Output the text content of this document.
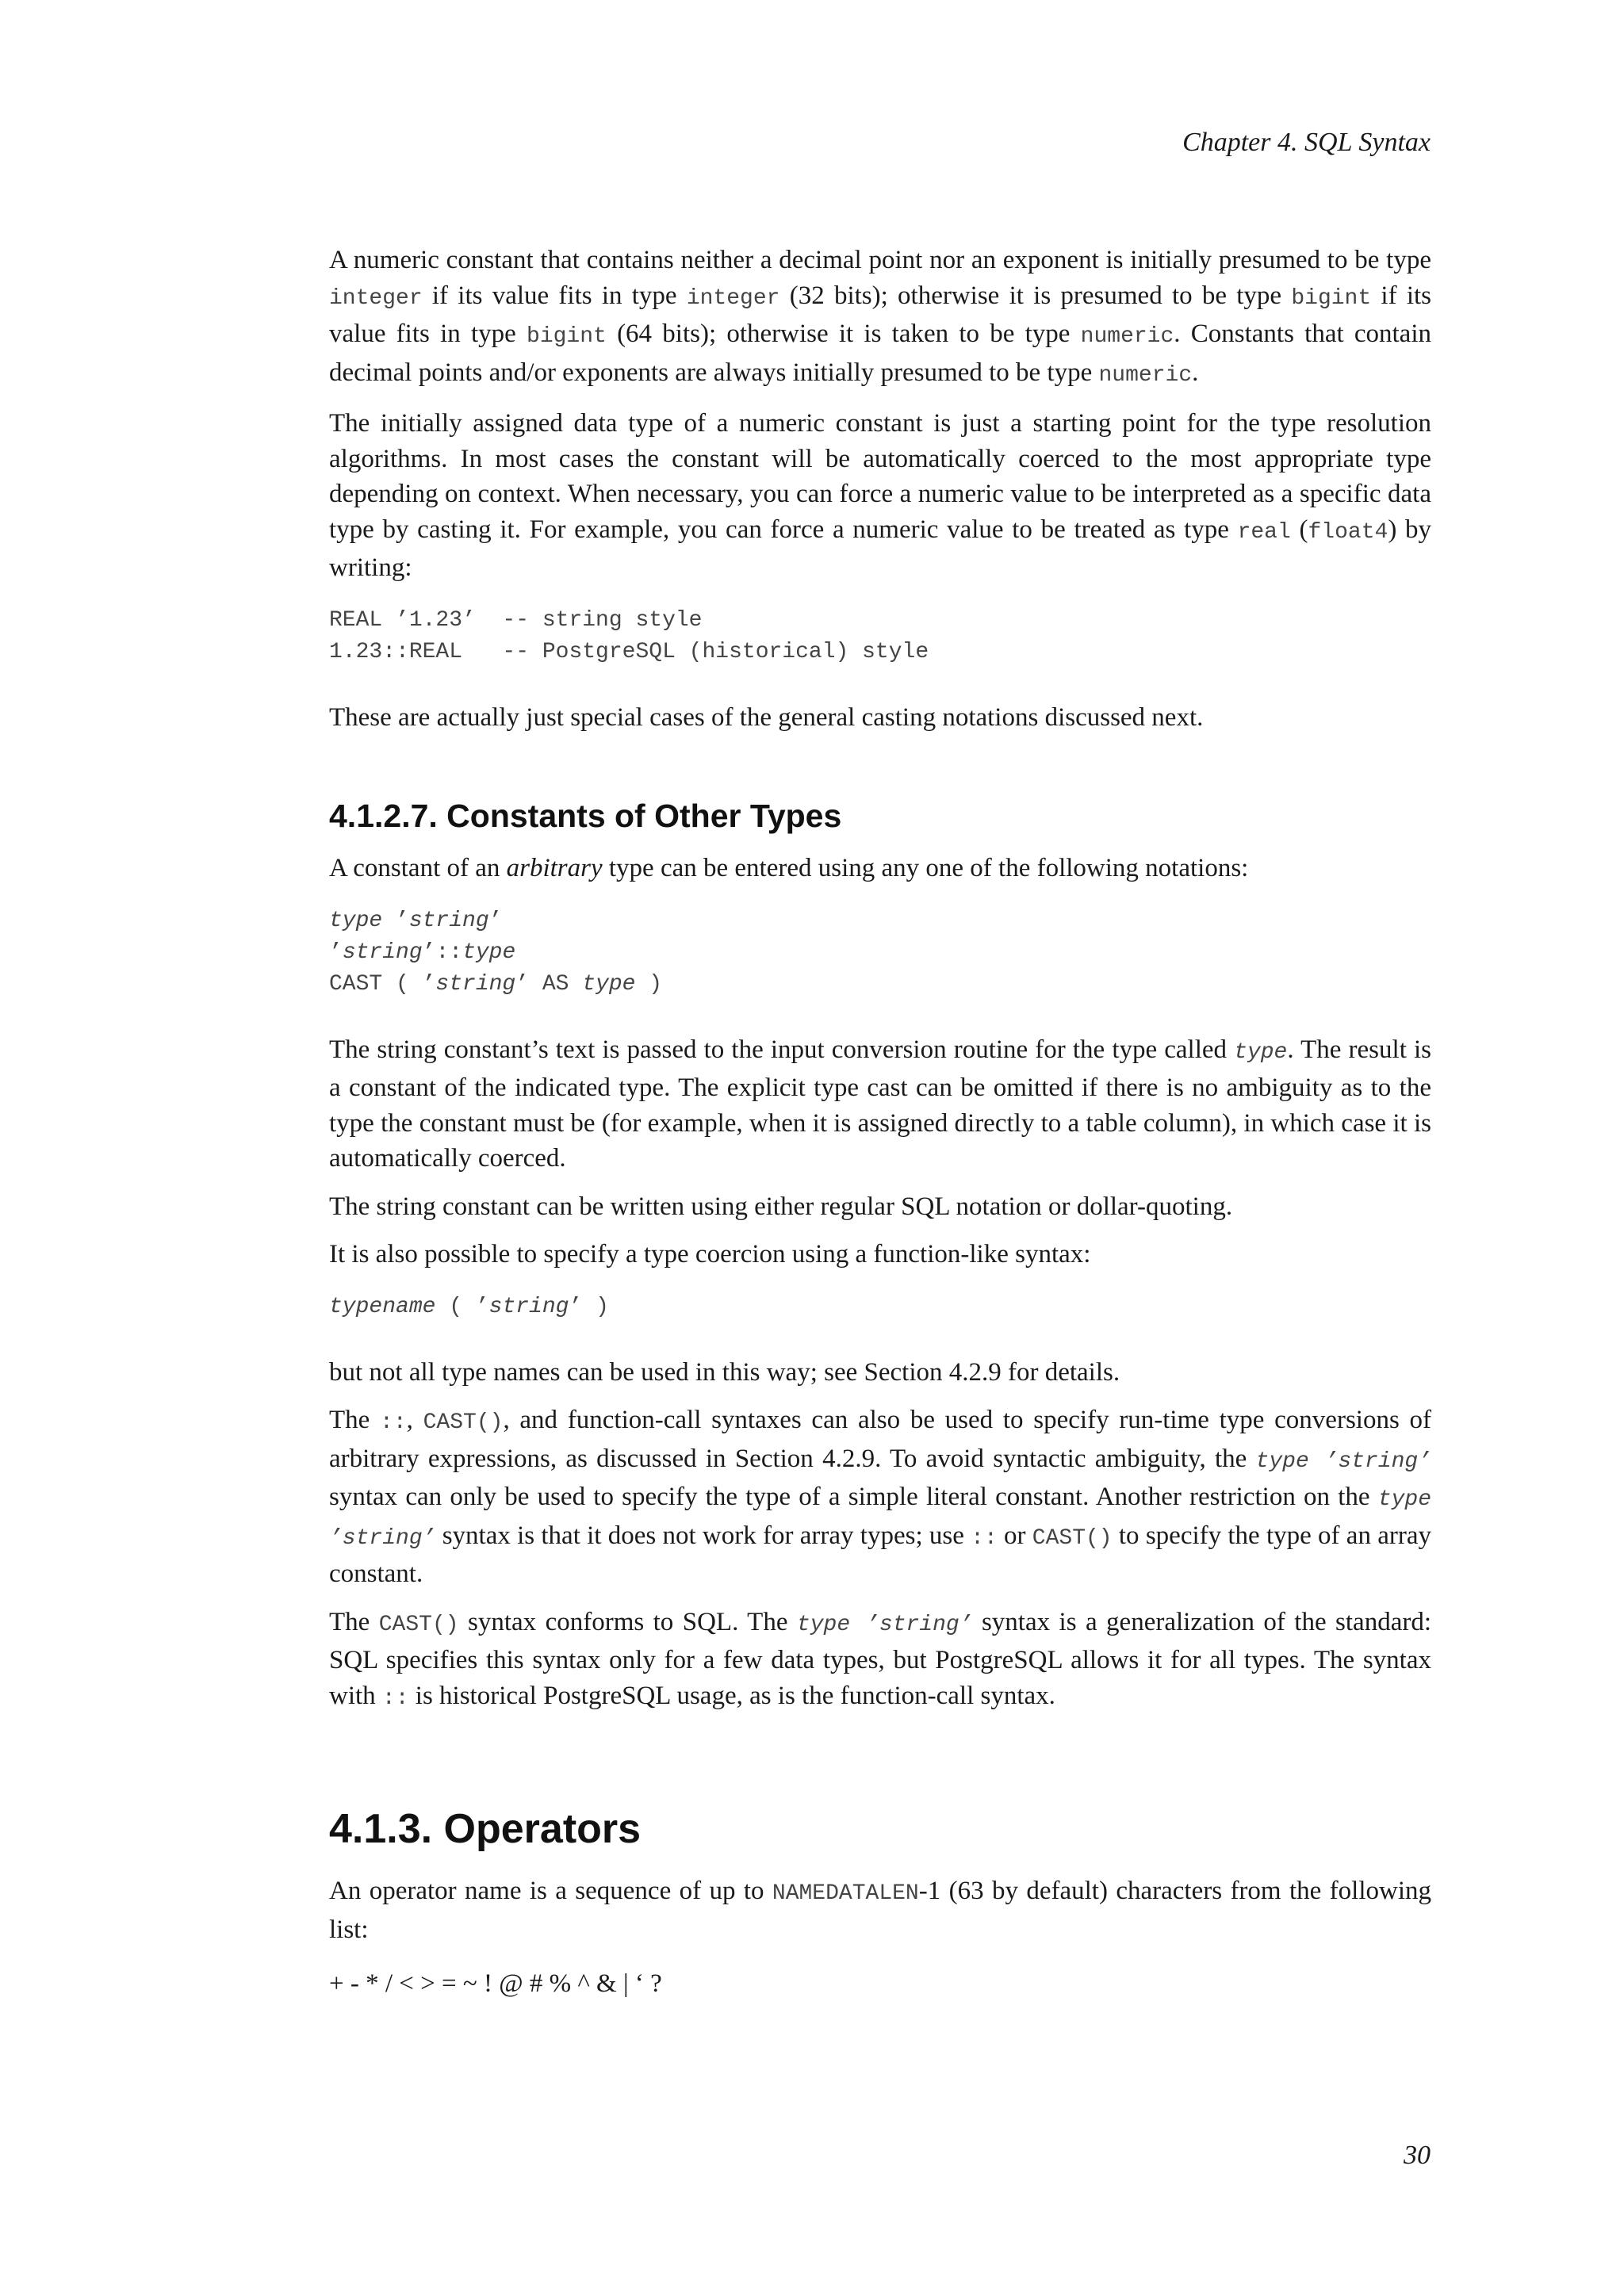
Chapter 4. SQL Syntax

A numeric constant that contains neither a decimal point nor an exponent is initially presumed to be type integer if its value fits in type integer (32 bits); otherwise it is presumed to be type bigint if its value fits in type bigint (64 bits); otherwise it is taken to be type numeric. Constants that contain decimal points and/or exponents are always initially presumed to be type numeric.

The initially assigned data type of a numeric constant is just a starting point for the type resolution algorithms. In most cases the constant will be automatically coerced to the most appropriate type depending on context. When necessary, you can force a numeric value to be interpreted as a specific data type by casting it. For example, you can force a numeric value to be treated as type real (float4) by writing:

REAL ’1.23’  -- string style
1.23::REAL   -- PostgreSQL (historical) style

These are actually just special cases of the general casting notations discussed next.

4.1.2.7. Constants of Other Types

A constant of an arbitrary type can be entered using any one of the following notations:

type ’string’
’string’::type
CAST ( ’string’ AS type )

The string constant’s text is passed to the input conversion routine for the type called type. The result is a constant of the indicated type. The explicit type cast can be omitted if there is no ambiguity as to the type the constant must be (for example, when it is assigned directly to a table column), in which case it is automatically coerced.

The string constant can be written using either regular SQL notation or dollar-quoting.

It is also possible to specify a type coercion using a function-like syntax:

typename ( ’string’ )

but not all type names can be used in this way; see Section 4.2.9 for details.

The ::, CAST(), and function-call syntaxes can also be used to specify run-time type conversions of arbitrary expressions, as discussed in Section 4.2.9. To avoid syntactic ambiguity, the type ’string’ syntax can only be used to specify the type of a simple literal constant. Another restriction on the type ’string’ syntax is that it does not work for array types; use :: or CAST() to specify the type of an array constant.

The CAST() syntax conforms to SQL. The type ’string’ syntax is a generalization of the standard: SQL specifies this syntax only for a few data types, but PostgreSQL allows it for all types. The syntax with :: is historical PostgreSQL usage, as is the function-call syntax.

4.1.3. Operators

An operator name is a sequence of up to NAMEDATALEN-1 (63 by default) characters from the following list:

+ - * / < > = ~ ! @ # % ^ & | ‘ ?

30
